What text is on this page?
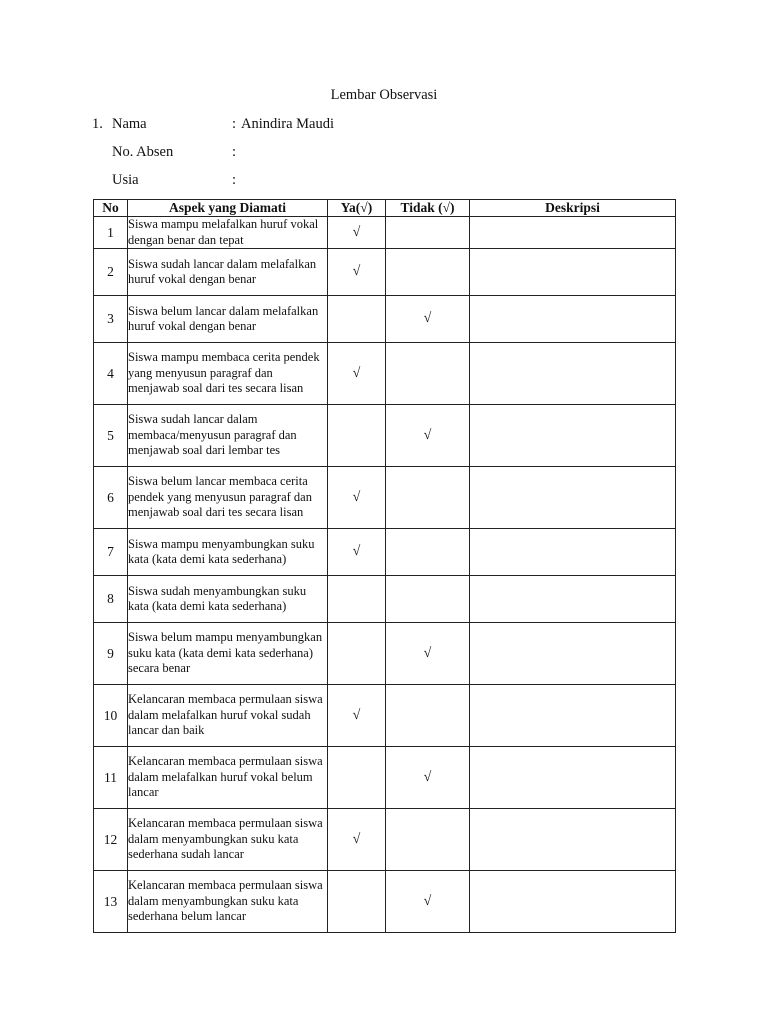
Lembar Observasi
1. Nama	: Anindira Maudi
No. Absen	:
Usia	:
No	Aspek yang Diamati	Ya(√)	Tidak (√)	Deskripsi
1	Siswa mampu melafalkan huruf vokal dengan benar dan tepat	√		
2	Siswa sudah lancar dalam melafalkan huruf vokal dengan benar	√		
3	Siswa belum lancar dalam melafalkan huruf vokal dengan benar		√	
4	Siswa mampu membaca cerita pendek yang menyusun paragraf dan menjawab soal dari tes secara lisan	√		
5	Siswa sudah lancar dalam membaca/menyusun paragraf dan menjawab soal dari lembar tes		√	
6	Siswa belum lancar membaca cerita pendek yang menyusun paragraf dan menjawab soal dari tes secara lisan	√		
7	Siswa mampu menyambungkan suku kata (kata demi kata sederhana)	√		
8	Siswa sudah menyambungkan suku kata (kata demi kata sederhana)			
9	Siswa belum mampu menyambungkan suku kata (kata demi kata sederhana) secara benar		√	
10	Kelancaran membaca permulaan siswa dalam melafalkan huruf vokal sudah lancar dan baik	√		
11	Kelancaran membaca permulaan siswa dalam melafalkan huruf vokal belum lancar		√	
12	Kelancaran membaca permulaan siswa dalam menyambungkan suku kata sederhana sudah lancar	√		
13	Kelancaran membaca permulaan siswa dalam menyambungkan suku kata sederhana belum lancar		√	
